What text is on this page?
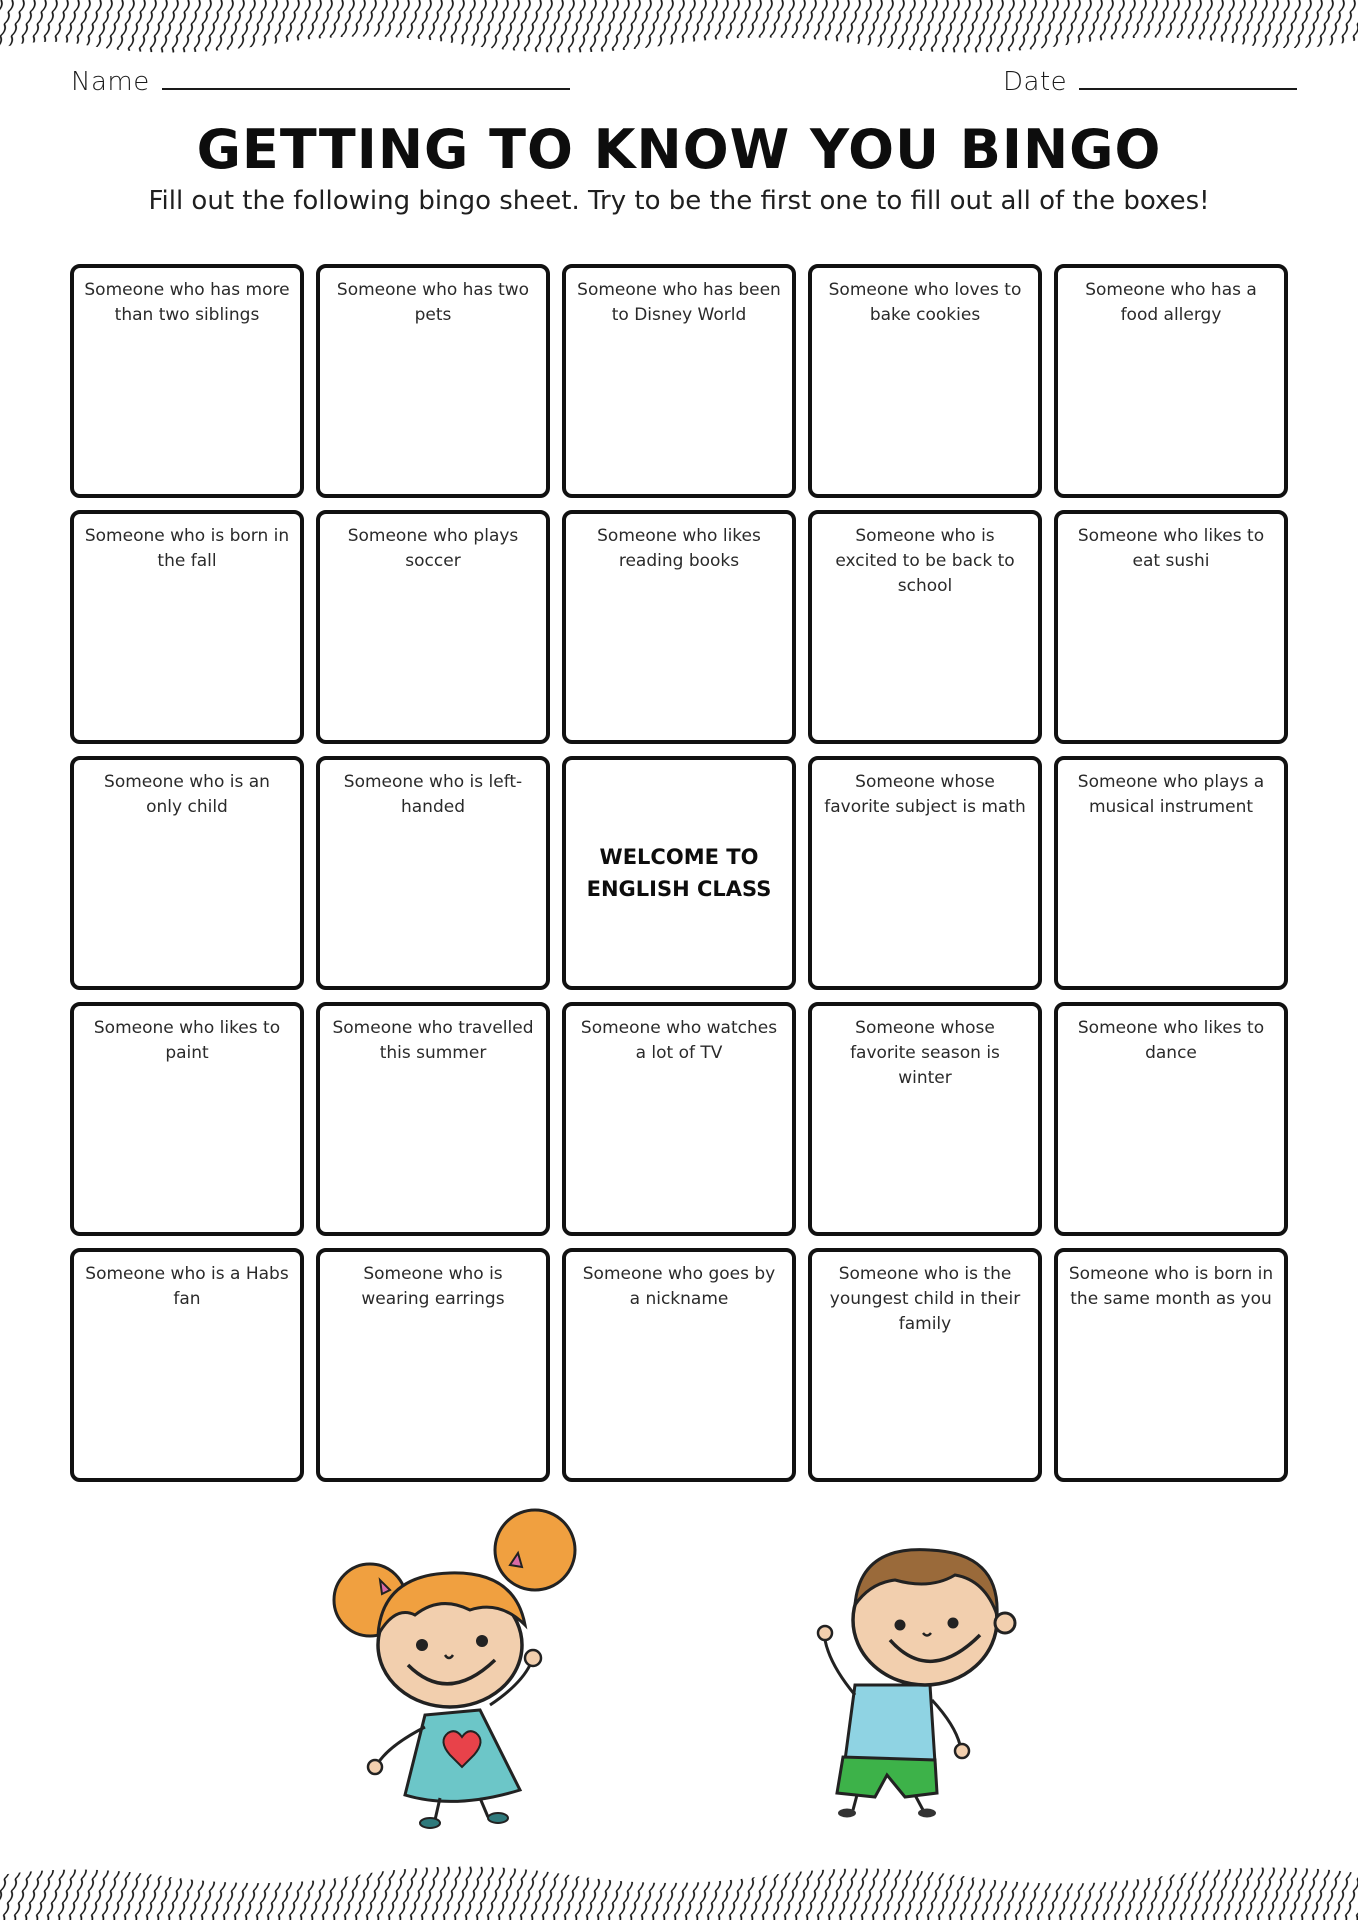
Name	Date
GETTING TO KNOW YOU BINGO

Fill out the following bingo sheet. Try to be the first one to fill out all of the boxes!

Someone who has more than two siblings
Someone who has two pets
Someone who has been to Disney World
Someone who loves to bake cookies
Someone who has a food allergy
Someone who is born in the fall
Someone who plays soccer
Someone who likes reading books
Someone who is excited to be back to school
Someone who likes to eat sushi
Someone who is an only child
Someone who is left-handed
WELCOME TO ENGLISH CLASS
Someone whose favorite subject is math
Someone who plays a musical instrument
Someone who likes to paint
Someone who travelled this summer
Someone who watches a lot of TV
Someone whose favorite season is winter
Someone who likes to dance
Someone who is a Habs fan
Someone who is wearing earrings
Someone who goes by a nickname
Someone who is the youngest child in their family
Someone who is born in the same month as you
